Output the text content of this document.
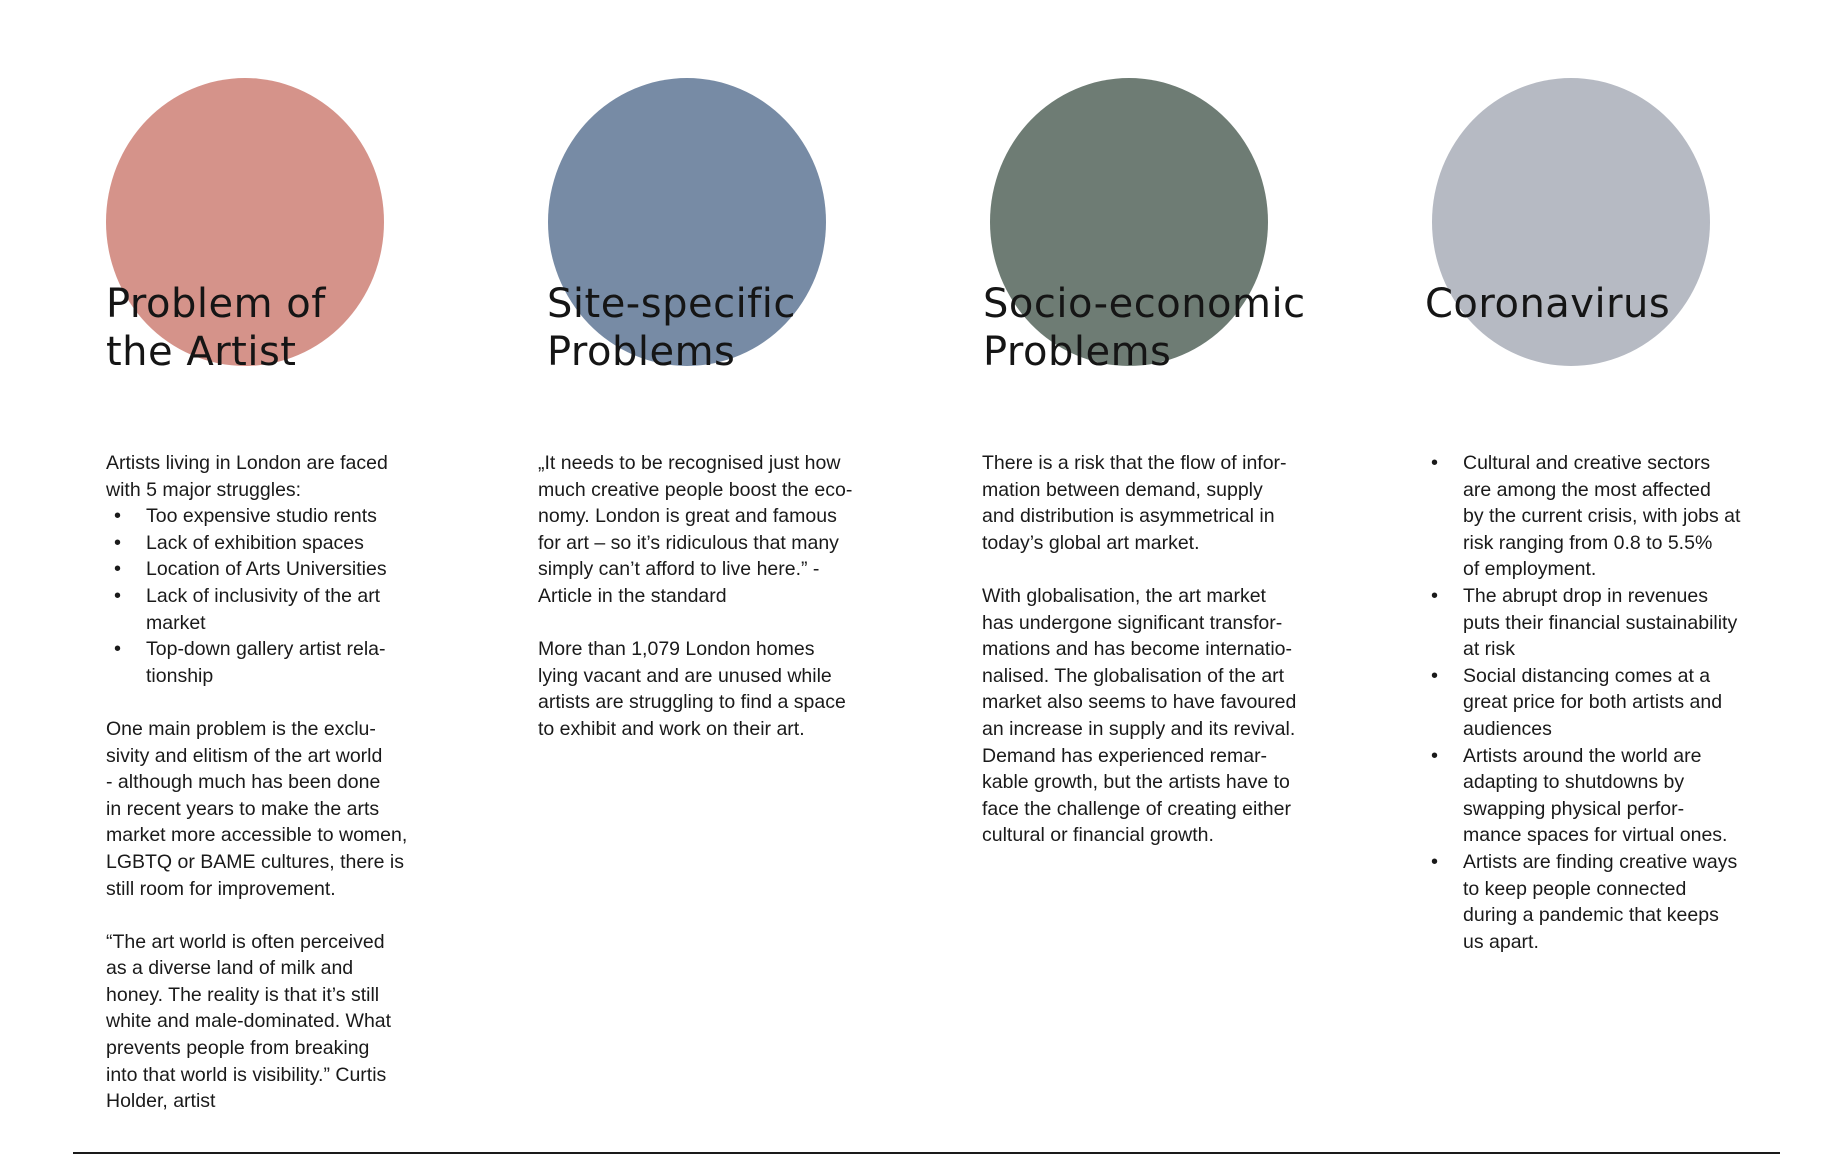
Problem of
the Artist

Artists living in London are faced
with 5 major struggles:

• Too expensive studio rents
• Lack of exhibition spaces
• Location of Arts Universities
• Lack of inclusivity of the art
market
• Top-down gallery artist rela-
tionship

One main problem is the exclu-
sivity and elitism of the art world
- although much has been done
in recent years to make the arts
market more accessible to women,
LGBTQ or BAME cultures, there is
still room for improvement.

“The art world is often perceived
as a diverse land of milk and
honey. The reality is that it’s still
white and male-dominated. What
prevents people from breaking
into that world is visibility.” Curtis
Holder, artist

Site-specific
Problems

„It needs to be recognised just how
much creative people boost the eco-
nomy. London is great and famous
for art – so it’s ridiculous that many
simply can’t afford to live here.” -
Article in the standard

More than 1,079 London homes
lying vacant and are unused while
artists are struggling to find a space
to exhibit and work on their art.

Socio-economic
Problems

There is a risk that the flow of infor-
mation between demand, supply
and distribution is asymmetrical in
today’s global art market.

With globalisation, the art market
has undergone significant transfor-
mations and has become internatio-
nalised. The globalisation of the art
market also seems to have favoured
an increase in supply and its revival.
Demand has experienced remar-
kable growth, but the artists have to
face the challenge of creating either
cultural or financial growth.

Coronavirus
• Cultural and creative sectors
are among the most affected
by the current crisis, with jobs at
risk ranging from 0.8 to 5.5%
of employment.
• The abrupt drop in revenues
puts their financial sustainability
at risk
• Social distancing comes at a
great price for both artists and
audiences
• Artists around the world are
adapting to shutdowns by
swapping physical perfor-
mance spaces for virtual ones.
• Artists are finding creative ways
to keep people connected
during a pandemic that keeps
us apart.
